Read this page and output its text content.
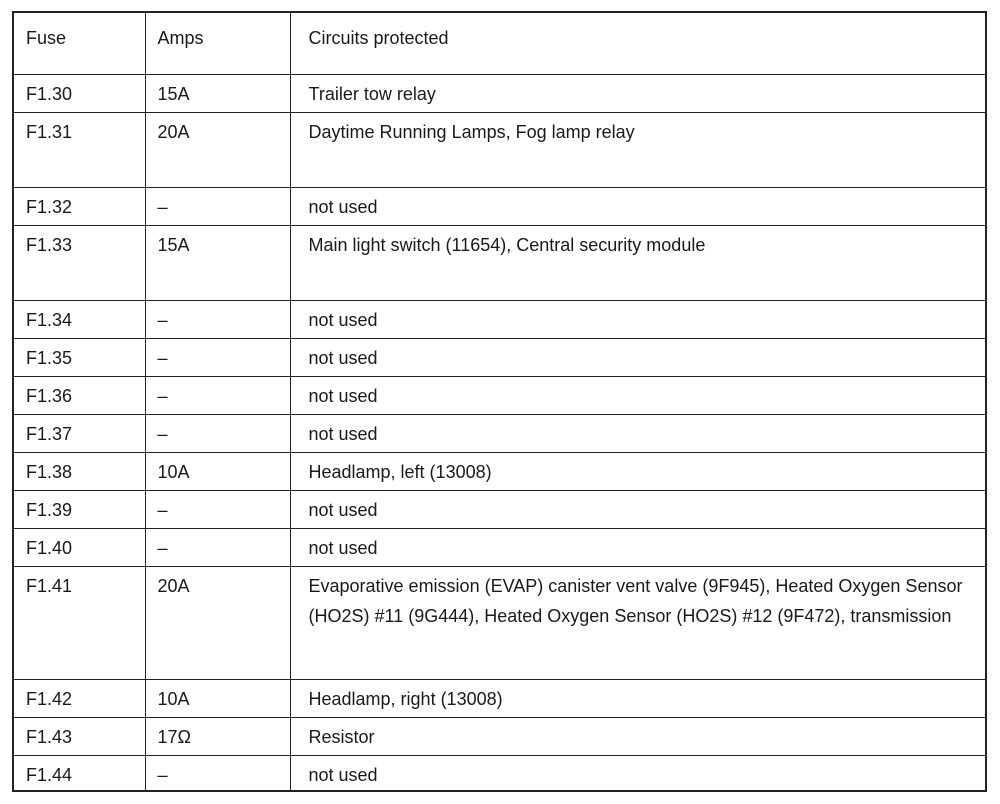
Fuse	Amps	Circuits protected
F1.30	15A	Trailer tow relay
F1.31	20A	Daytime Running Lamps, Fog lamp relay
F1.32	–	not used
F1.33	15A	Main light switch (11654), Central security module
F1.34	–	not used
F1.35	–	not used
F1.36	–	not used
F1.37	–	not used
F1.38	10A	Headlamp, left (13008)
F1.39	–	not used
F1.40	–	not used
F1.41	20A	Evaporative emission (EVAP) canister vent valve (9F945), Heated Oxygen Sensor (HO2S) #11 (9G444), Heated Oxygen Sensor (HO2S) #12 (9F472), transmission
F1.42	10A	Headlamp, right (13008)
F1.43	17Ω	Resistor
F1.44	–	not used
